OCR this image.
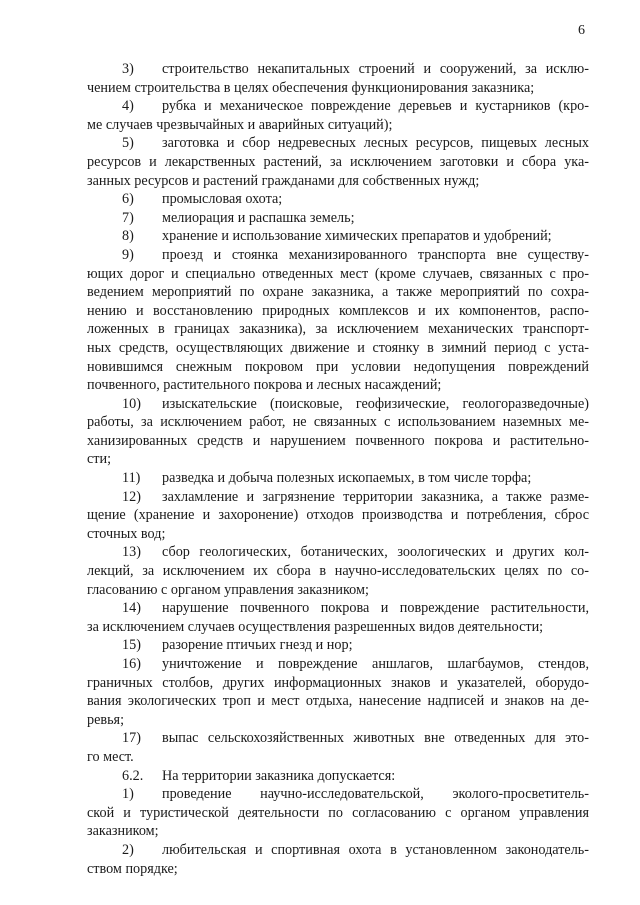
6
3) строительство некапитальных строений и сооружений, за исклю-
чением строительства в целях обеспечения функционирования заказника;
4) рубка и механическое повреждение деревьев и кустарников (кро-
ме случаев чрезвычайных и аварийных ситуаций);
5) заготовка и сбор недревесных лесных ресурсов, пищевых лесных
ресурсов и лекарственных растений, за исключением заготовки и сбора ука-
занных ресурсов и растений гражданами для собственных нужд;
6) промысловая охота;
7) мелиорация и распашка земель;
8) хранение и использование химических препаратов и удобрений;
9) проезд и стоянка механизированного транспорта вне существу-
ющих дорог и специально отведенных мест (кроме случаев, связанных с про-
ведением мероприятий по охране заказника, а также мероприятий по сохра-
нению и восстановлению природных комплексов и их компонентов, распо-
ложенных в границах заказника), за исключением механических транспорт-
ных средств, осуществляющих движение и стоянку в зимний период с уста-
новившимся снежным покровом при условии недопущения повреждений
почвенного, растительного покрова и лесных насаждений;
10) изыскательские (поисковые, геофизические, геологоразведочные)
работы, за исключением работ, не связанных с использованием наземных ме-
ханизированных средств и нарушением почвенного покрова и растительно-
сти;
11) разведка и добыча полезных ископаемых, в том числе торфа;
12) захламление и загрязнение территории заказника, а также разме-
щение (хранение и захоронение) отходов производства и потребления, сброс
сточных вод;
13) сбор геологических, ботанических, зоологических и других кол-
лекций, за исключением их сбора в научно-исследовательских целях по со-
гласованию с органом управления заказником;
14) нарушение почвенного покрова и повреждение растительности,
за исключением случаев осуществления разрешенных видов деятельности;
15) разорение птичьих гнезд и нор;
16) уничтожение и повреждение аншлагов, шлагбаумов, стендов,
граничных столбов, других информационных знаков и указателей, оборудо-
вания экологических троп и мест отдыха, нанесение надписей и знаков на де-
ревья;
17) выпас сельскохозяйственных животных вне отведенных для это-
го мест.
6.2. На территории заказника допускается:
1) проведение научно-исследовательской, эколого-просветитель-
ской и туристической деятельности по согласованию с органом управления
заказником;
2) любительская и спортивная охота в установленном законодатель-
ством порядке;
